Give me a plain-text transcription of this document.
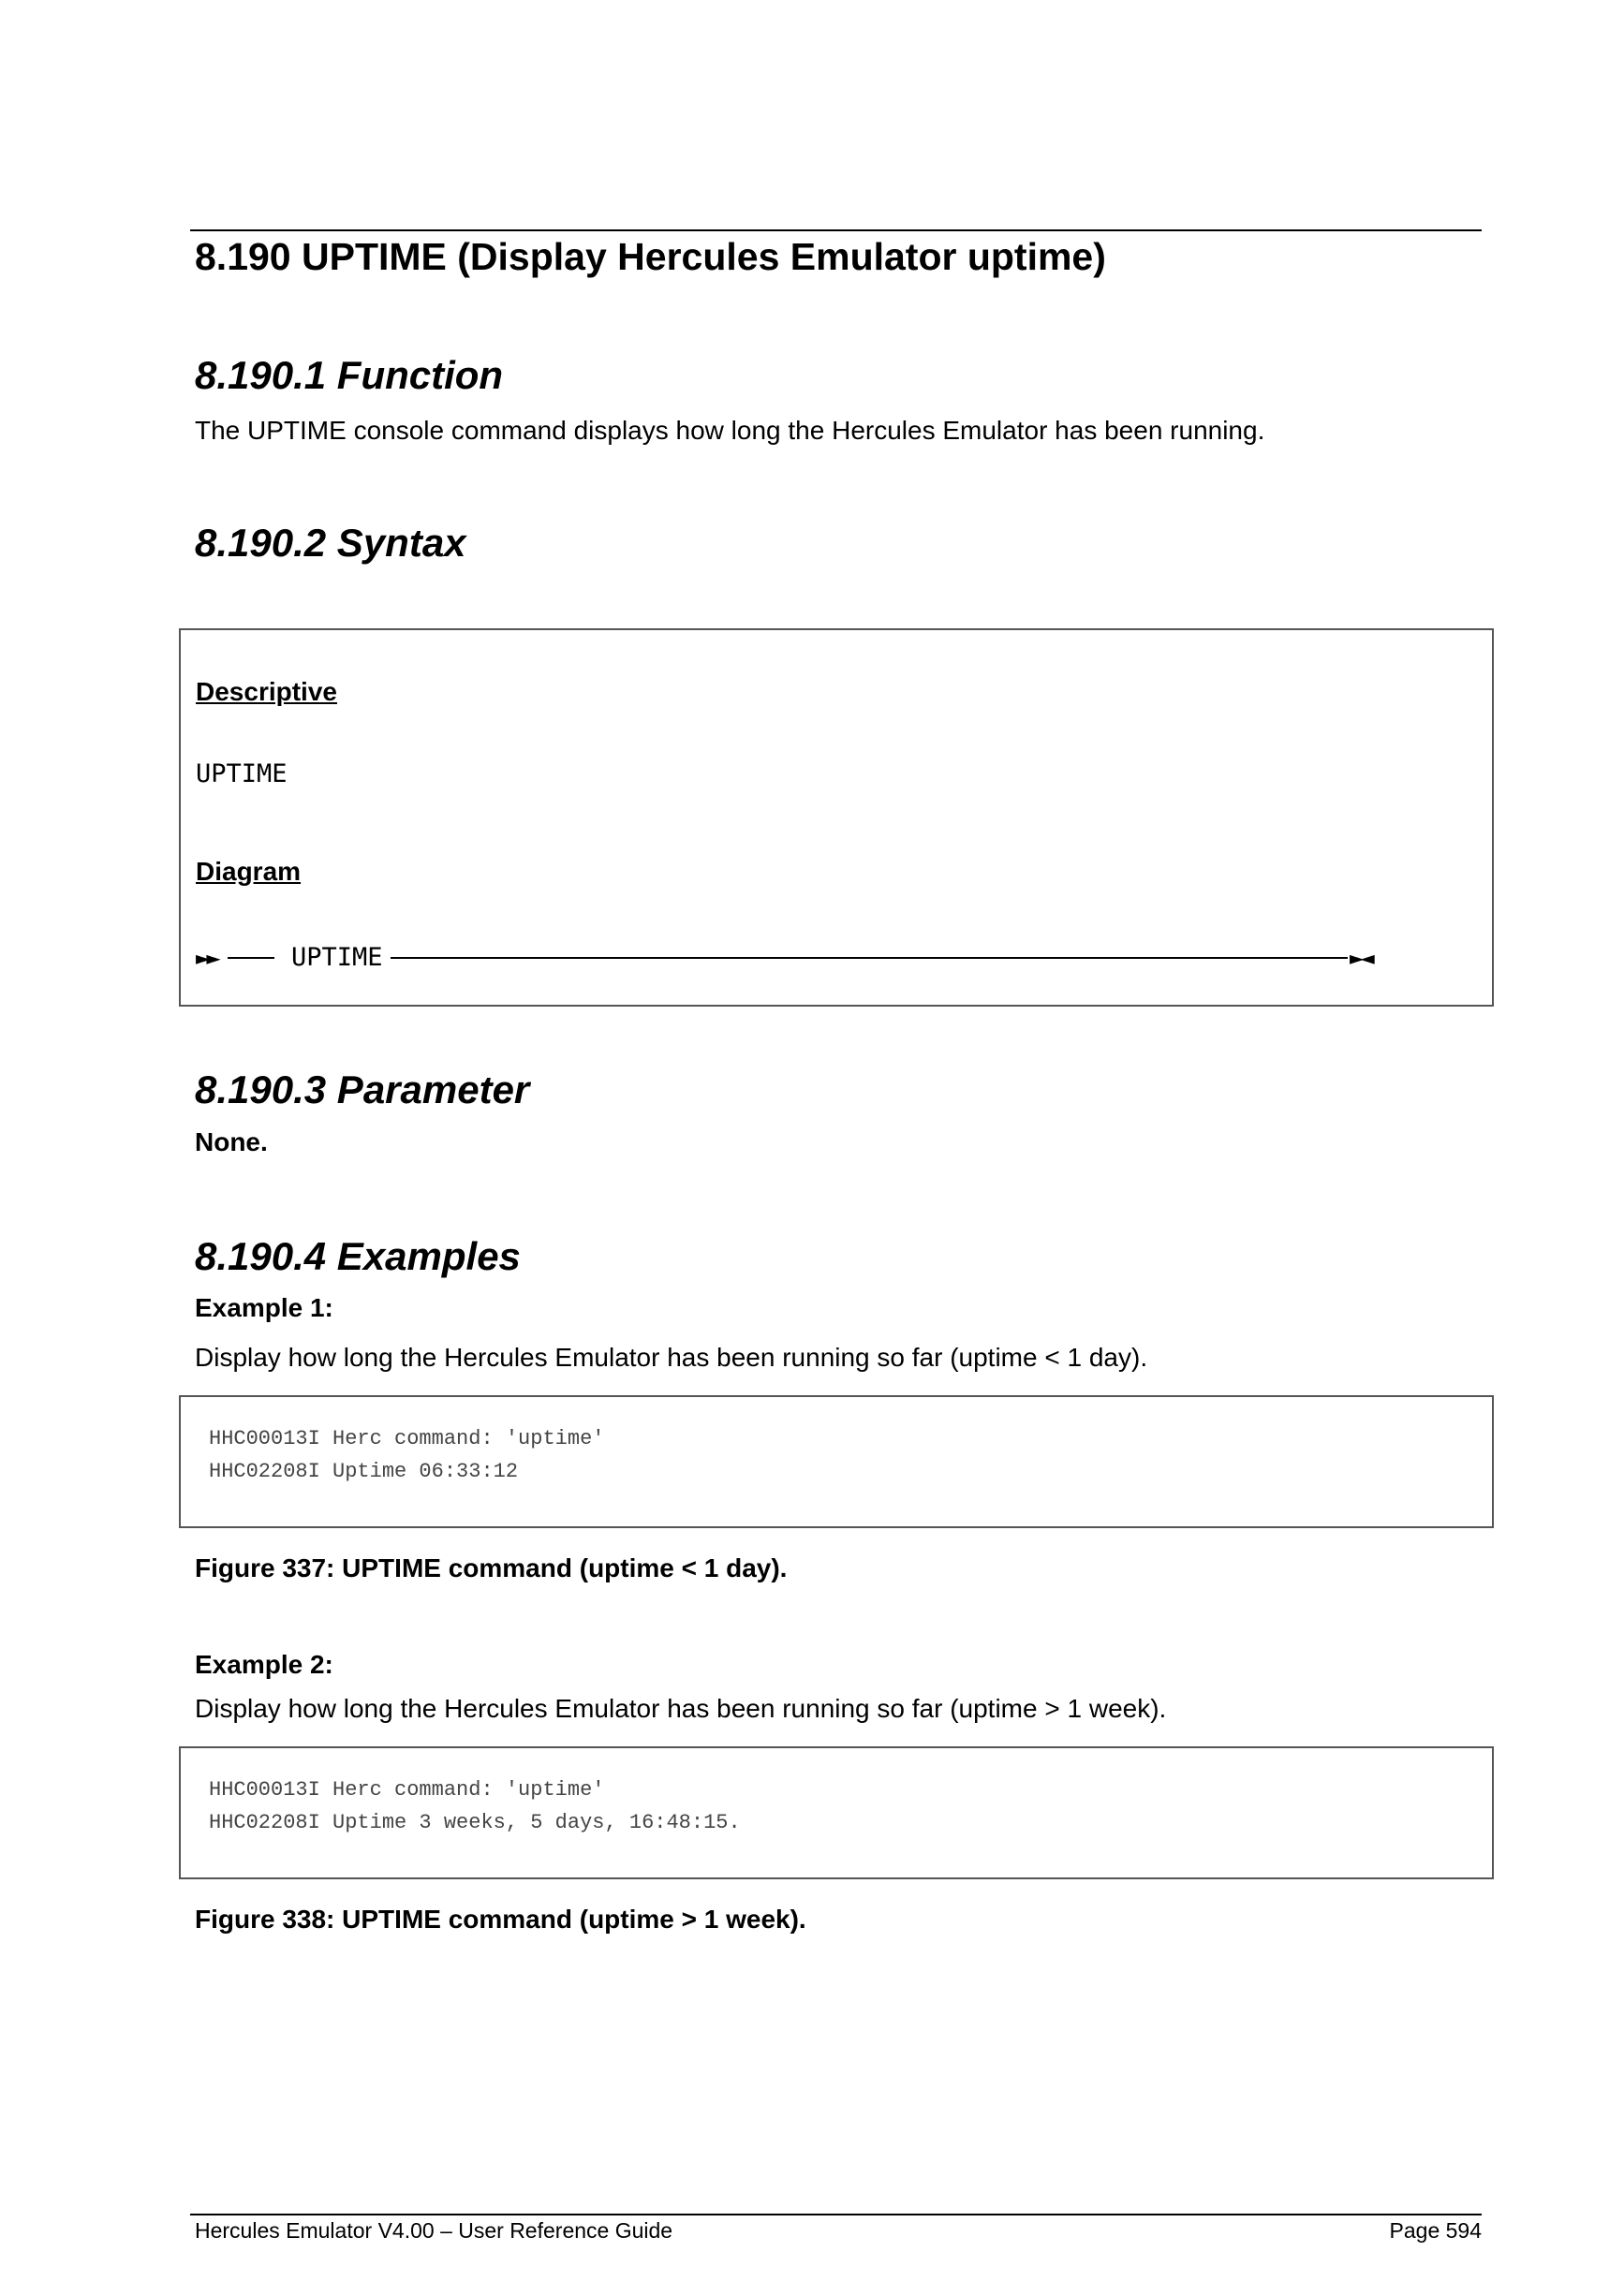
8.190 UPTIME (Display Hercules Emulator uptime)
8.190.1 Function
The UPTIME console command displays how long the Hercules Emulator has been running.
8.190.2 Syntax
Descriptive
UPTIME
Diagram
►►	UPTIME	►◄
8.190.3 Parameter
None.
8.190.4 Examples
Example 1:
Display how long the Hercules Emulator has been running so far (uptime < 1 day).
HHC00013I Herc command: 'uptime'
HHC02208I Uptime 06:33:12
Figure 337: UPTIME command (uptime < 1 day).
Example 2:
Display how long the Hercules Emulator has been running so far (uptime > 1 week).
HHC00013I Herc command: 'uptime'
HHC02208I Uptime 3 weeks, 5 days, 16:48:15.
Figure 338: UPTIME command (uptime > 1 week).
Hercules Emulator V4.00 – User Reference Guide	Page 594
